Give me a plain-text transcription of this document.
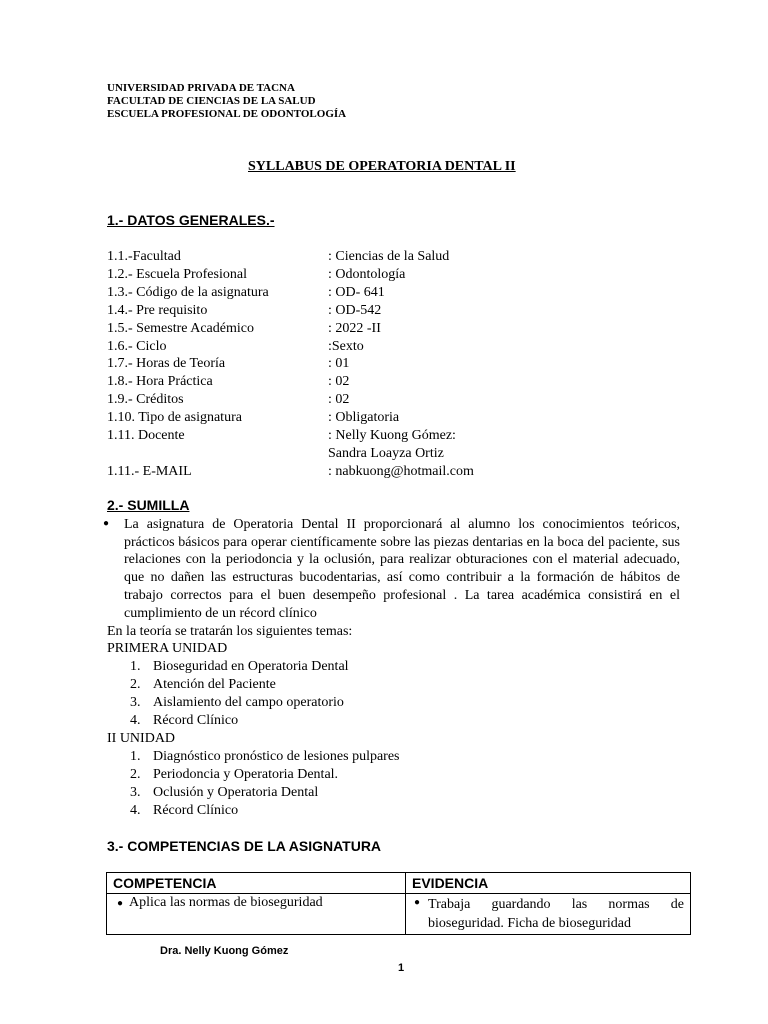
UNIVERSIDAD PRIVADA DE TACNA
FACULTAD DE CIENCIAS DE LA SALUD
ESCUELA PROFESIONAL DE ODONTOLOGÍA
SYLLABUS DE OPERATORIA DENTAL II
1.- DATOS GENERALES.-
1.1.-Facultad	: Ciencias de la Salud
1.2.- Escuela Profesional	: Odontología
1.3.- Código de la asignatura	: OD- 641
1.4.- Pre requisito	: OD-542
1.5.- Semestre Académico	: 2022 -II
1.6.- Ciclo	:Sexto
1.7.- Horas de Teoría	: 01
1.8.- Hora Práctica	: 02
1.9.- Créditos	: 02
1.10. Tipo de asignatura	: Obligatoria
1.11. Docente	: Nelly Kuong Gómez:
Sandra Loayza Ortiz
1.11.- E-MAIL	: nabkuong@hotmail.com
2.- SUMILLA
● La asignatura de Operatoria Dental II proporcionará al alumno los conocimientos teóricos, prácticos básicos para operar científicamente sobre las piezas dentarias en la boca del paciente, sus relaciones con la periodoncia y la oclusión, para realizar obturaciones con el material adecuado, que no dañen las estructuras bucodentarias, así como contribuir a la formación de hábitos de trabajo correctos para el buen desempeño profesional . La tarea académica consistirá en el cumplimiento de un récord clínico
En la teoría se tratarán los siguientes temas:
PRIMERA UNIDAD
1. Bioseguridad en Operatoria Dental
2. Atención del Paciente
3. Aislamiento del campo operatorio
4. Récord Clínico
II UNIDAD
1. Diagnóstico pronóstico de lesiones pulpares
2. Periodoncia y Operatoria Dental.
3. Oclusión y Operatoria Dental
4. Récord Clínico
3.- COMPETENCIAS DE LA ASIGNATURA
COMPETENCIA	EVIDENCIA
● Aplica las normas de bioseguridad	● Trabaja guardando las normas de bioseguridad. Ficha de bioseguridad
Dra. Nelly Kuong Gómez
1
